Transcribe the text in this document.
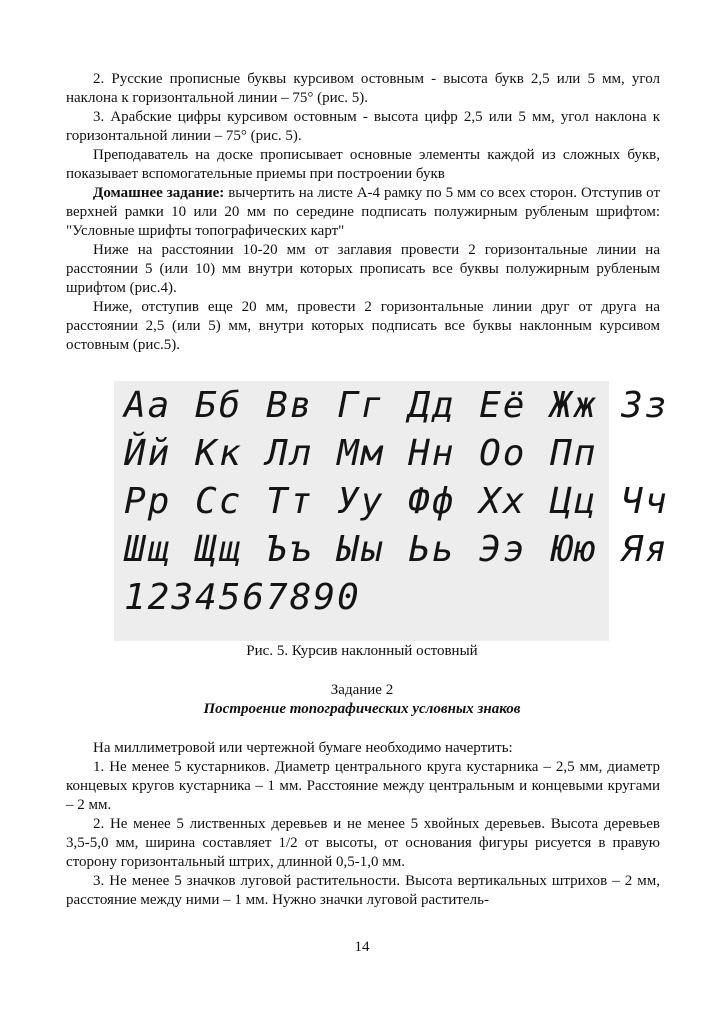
2. Русские прописные буквы курсивом остовным - высота букв 2,5 или 5 мм, угол наклона к горизонтальной линии – 75° (рис. 5).

3. Арабские цифры курсивом остовным - высота цифр 2,5 или 5 мм, угол наклона к горизонтальной линии – 75° (рис. 5).

Преподаватель на доске прописывает основные элементы каждой из сложных букв, показывает вспомогательные приемы при построении букв

Домашнее задание: вычертить на листе А-4 рамку по 5 мм со всех сторон. Отступив от верхней рамки 10 или 20 мм по середине подписать полужирным рубленым шрифтом: "Условные шрифты топографических карт"

Ниже на расстоянии 10-20 мм от заглавия провести 2 горизонтальные линии на расстоянии 5 (или 10) мм внутри которых прописать все буквы полужирным рубленым шрифтом (рис.4).

Ниже, отступив еще 20 мм, провести 2 горизонтальные линии друг от друга на расстоянии 2,5 (или 5) мм, внутри которых подписать все буквы наклонным курсивом остовным (рис.5).

Аа Бб Вв Гг Дд Её Жж Зз
Йй Кк Лл Мм Нн Оо Пп
Рр Сс Тт Уу Фф Хх Цц Чч
Шщ Щщ Ъъ Ыы Ьь Ээ Юю Яя
1234567890
Рис. 5. Курсив наклонный остовный
Задание 2
Построение топографических условных знаков

На миллиметровой или чертежной бумаге необходимо начертить:

1. Не менее 5 кустарников. Диаметр центрального круга кустарника – 2,5 мм, диаметр концевых кругов кустарника – 1 мм. Расстояние между центральным и концевыми кругами – 2 мм.

2. Не менее 5 лиственных деревьев и не менее 5 хвойных деревьев. Высота деревьев 3,5-5,0 мм, ширина составляет 1/2 от высоты, от основания фигуры рисуется в правую сторону горизонтальный штрих, длинной 0,5-1,0 мм.

3. Не менее 5 значков луговой растительности. Высота вертикальных штрихов – 2 мм, расстояние между ними – 1 мм. Нужно значки луговой раститель-

14
